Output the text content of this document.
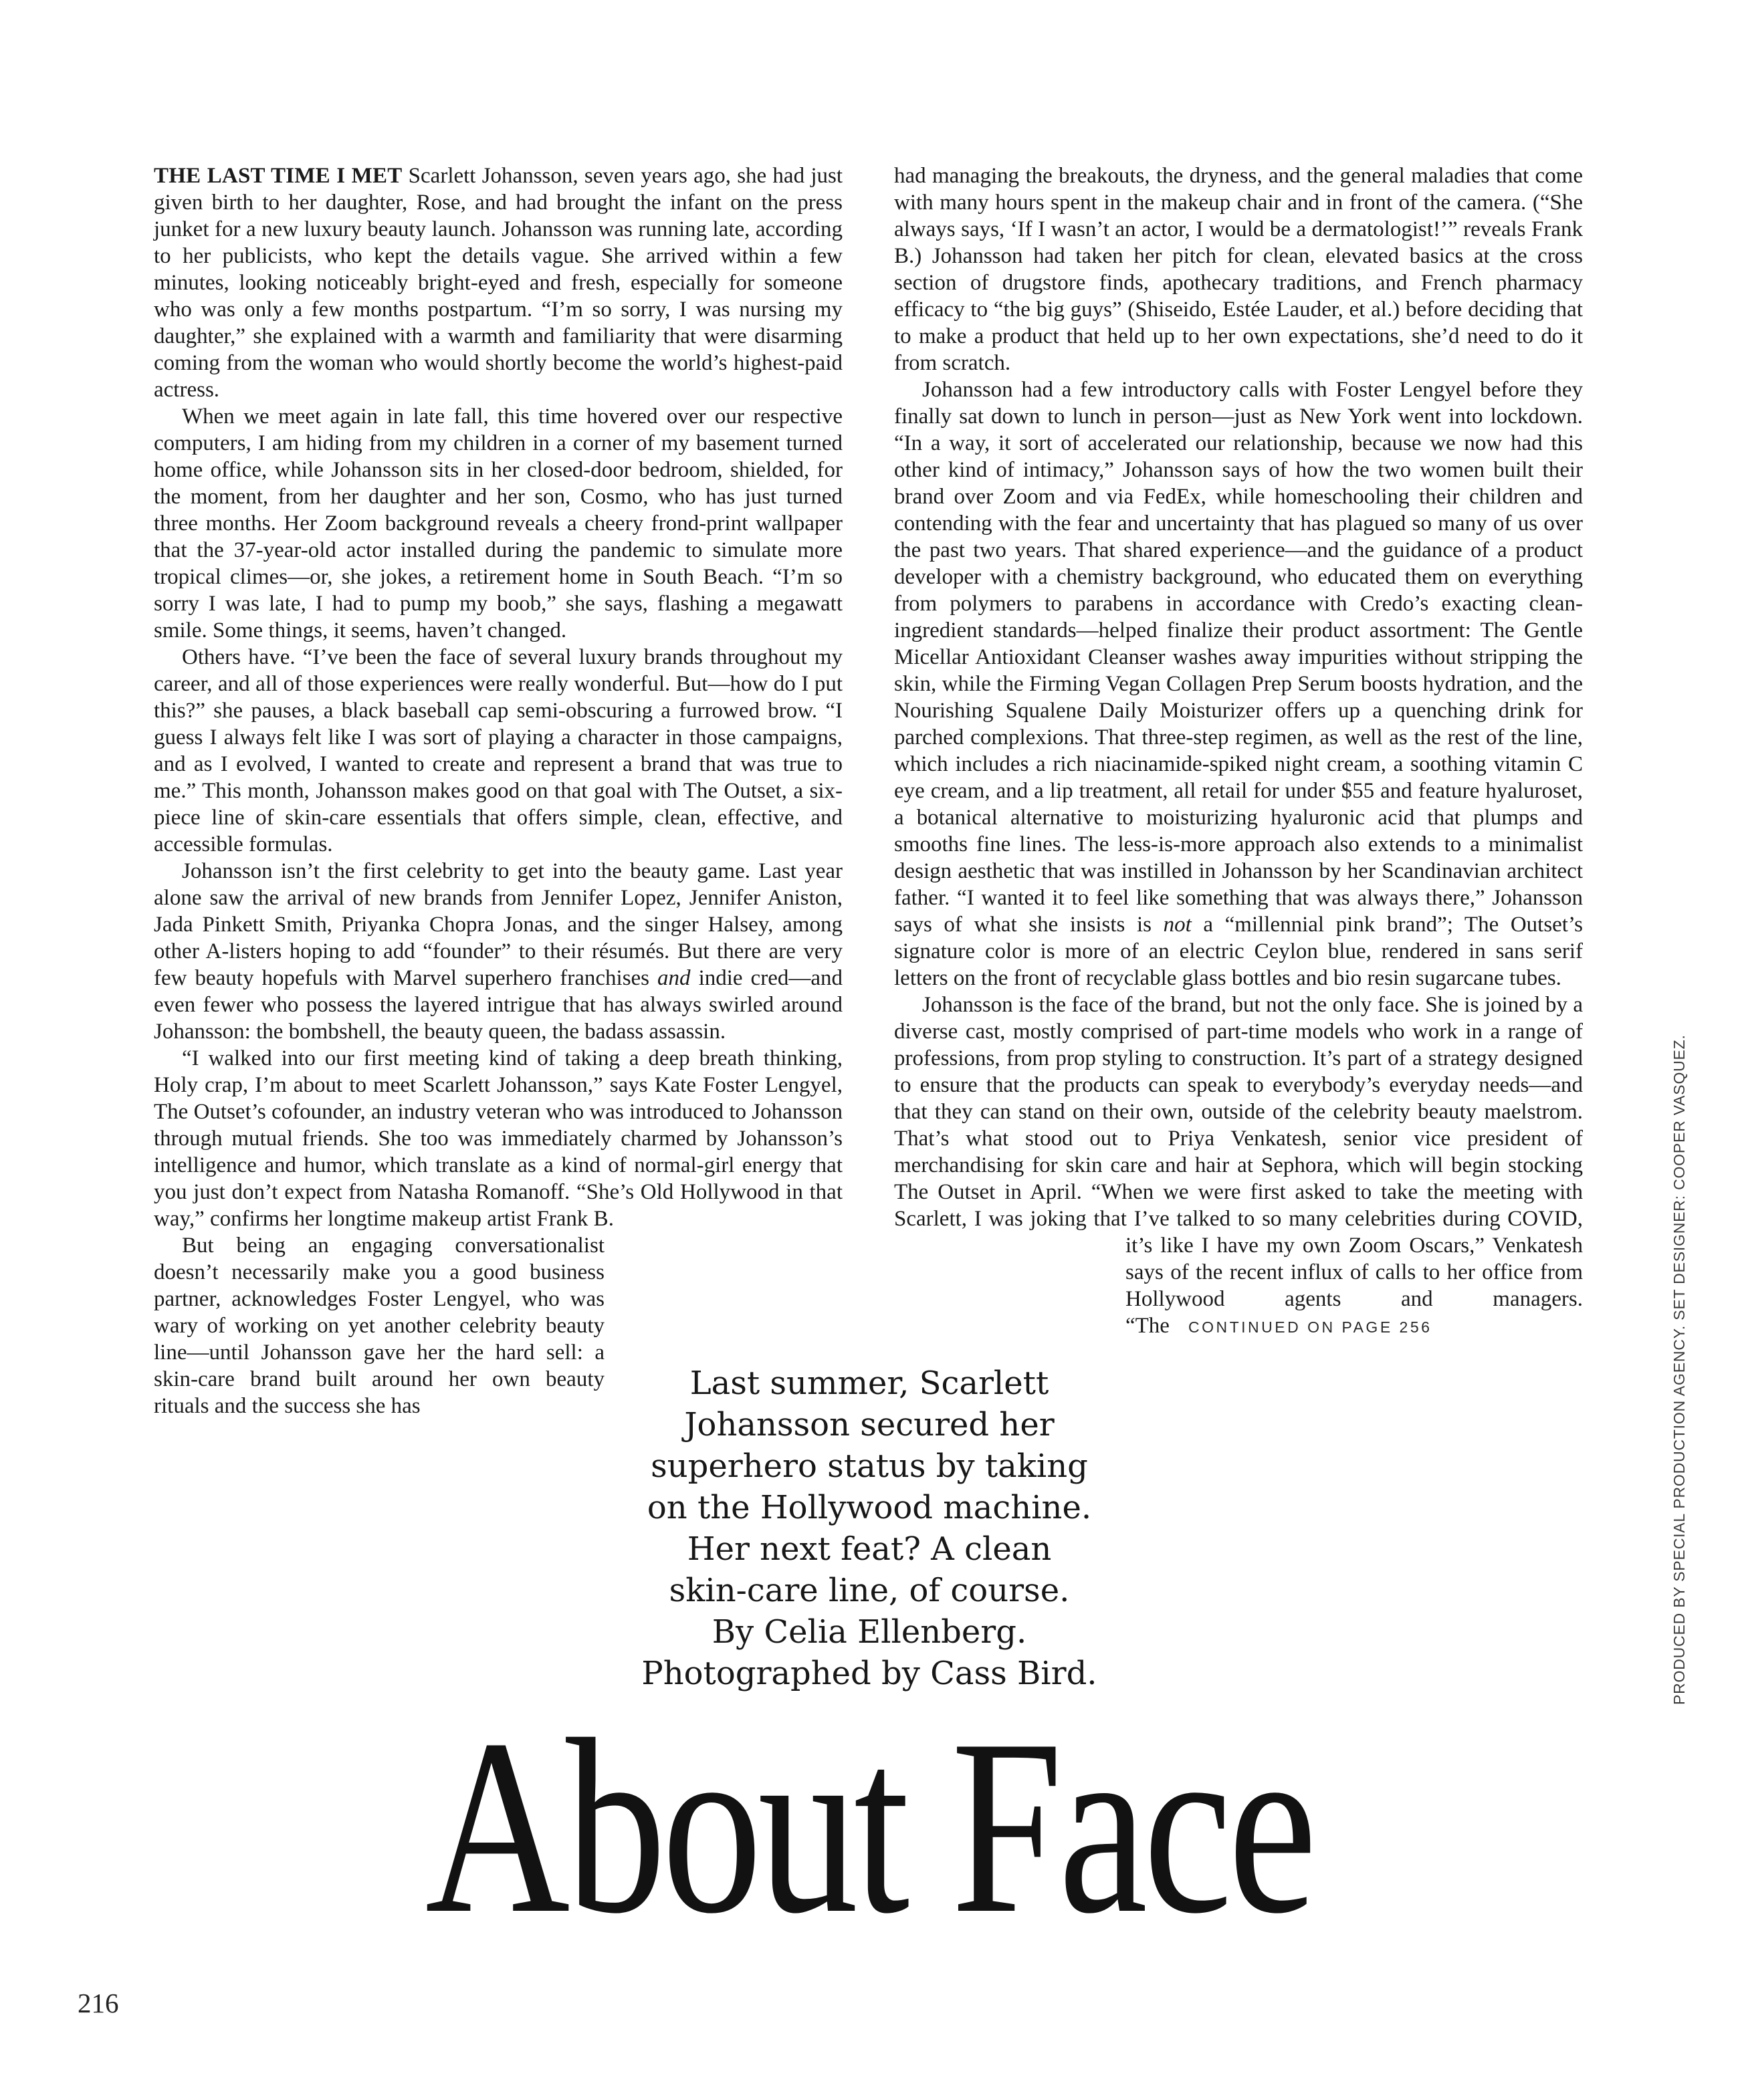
THE LAST TIME I MET Scarlett Johansson, seven years ago, she had just given birth to her daughter, Rose, and had brought the infant on the press junket for a new luxury beauty launch. Johansson was running late, according to her publicists, who kept the details vague. She arrived within a few minutes, looking noticeably bright-eyed and fresh, especially for someone who was only a few months postpartum. “I’m so sorry, I was nursing my daughter,” she explained with a warmth and familiarity that were disarming coming from the woman who would shortly become the world’s highest-paid actress.

When we meet again in late fall, this time hovered over our respective computers, I am hiding from my children in a corner of my basement turned home office, while Johansson sits in her closed-door bedroom, shielded, for the moment, from her daughter and her son, Cosmo, who has just turned three months. Her Zoom background reveals a cheery frond-print wallpaper that the 37-year-old actor installed during the pandemic to simulate more tropical climes—or, she jokes, a retirement home in South Beach. “I’m so sorry I was late, I had to pump my boob,” she says, flashing a megawatt smile. Some things, it seems, haven’t changed.

Others have. “I’ve been the face of several luxury brands throughout my career, and all of those experiences were really wonderful. But—how do I put this?” she pauses, a black baseball cap semi-obscuring a furrowed brow. “I guess I always felt like I was sort of playing a character in those campaigns, and as I evolved, I wanted to create and represent a brand that was true to me.” This month, Johansson makes good on that goal with The Outset, a six-piece line of skin-care essentials that offers simple, clean, effective, and accessible formulas.

Johansson isn’t the first celebrity to get into the beauty game. Last year alone saw the arrival of new brands from Jennifer Lopez, Jennifer Aniston, Jada Pinkett Smith, Priyanka Chopra Jonas, and the singer Halsey, among other A-listers hoping to add “founder” to their résumés. But there are very few beauty hopefuls with Marvel superhero franchises and indie cred—and even fewer who possess the layered intrigue that has always swirled around Johansson: the bombshell, the beauty queen, the badass assassin.

“I walked into our first meeting kind of taking a deep breath thinking, Holy crap, I’m about to meet Scarlett Johansson,” says Kate Foster Lengyel, The Outset’s cofounder, an industry veteran who was introduced to Johansson through mutual friends. She too was immediately charmed by Johansson’s intelligence and humor, which translate as a kind of normal-girl energy that you just don’t expect from Natasha Romanoff. “She’s Old Hollywood in that way,” confirms her longtime makeup artist Frank B.

But being an engaging conversationalist doesn’t necessarily make you a good business partner, acknowledges Foster Lengyel, who was wary of working on yet another celebrity beauty line—until Johansson gave her the hard sell: a skin-care brand built around her own beauty rituals and the success she has

had managing the breakouts, the dryness, and the general maladies that come with many hours spent in the makeup chair and in front of the camera. (“She always says, ‘If I wasn’t an actor, I would be a dermatologist!’” reveals Frank B.) Johansson had taken her pitch for clean, elevated basics at the cross section of drugstore finds, apothecary traditions, and French pharmacy efficacy to “the big guys” (Shiseido, Estée Lauder, et al.) before deciding that to make a product that held up to her own expectations, she’d need to do it from scratch.

Johansson had a few introductory calls with Foster Lengyel before they finally sat down to lunch in person—just as New York went into lockdown. “In a way, it sort of accelerated our relationship, because we now had this other kind of intimacy,” Johansson says of how the two women built their brand over Zoom and via FedEx, while homeschooling their children and contending with the fear and uncertainty that has plagued so many of us over the past two years. That shared experience—and the guidance of a product developer with a chemistry background, who educated them on everything from polymers to parabens in accordance with Credo’s exacting clean-ingredient standards—helped finalize their product assortment: The Gentle Micellar Antioxidant Cleanser washes away impurities without stripping the skin, while the Firming Vegan Collagen Prep Serum boosts hydration, and the Nourishing Squalene Daily Moisturizer offers up a quenching drink for parched complexions. That three-step regimen, as well as the rest of the line, which includes a rich niacinamide-spiked night cream, a soothing vitamin C eye cream, and a lip treatment, all retail for under $55 and feature hyaluroset, a botanical alternative to moisturizing hyaluronic acid that plumps and smooths fine lines. The less-is-more approach also extends to a minimalist design aesthetic that was instilled in Johansson by her Scandinavian architect father. “I wanted it to feel like something that was always there,” Johansson says of what she insists is not a “millennial pink brand”; The Outset’s signature color is more of an electric Ceylon blue, rendered in sans serif letters on the front of recyclable glass bottles and bio resin sugarcane tubes.

Johansson is the face of the brand, but not the only face. She is joined by a diverse cast, mostly comprised of part-time models who work in a range of professions, from prop styling to construction. It’s part of a strategy designed to ensure that the products can speak to everybody’s everyday needs—and that they can stand on their own, outside of the celebrity beauty maelstrom. That’s what stood out to Priya Venkatesh, senior vice president of merchandising for skin care and hair at Sephora, which will begin stocking The Outset in April. “When we were first asked to take the meeting with Scarlett, I was joking that I’ve talked to so many celebrities during COVID, it’s like I have my own Zoom Oscars,” Venkatesh says of the recent influx of calls to her office from Hollywood agents and managers. “The CONTINUED ON PAGE 256

Last summer, Scarlett
Johansson secured her
superhero status by taking
on the Hollywood machine.
Her next feat? A clean
skin-care line, of course.
By Celia Ellenberg.
Photographed by Cass Bird.
About Face
216
PRODUCED BY SPECIAL PRODUCTION AGENCY. SET DESIGNER: COOPER VASQUEZ.
